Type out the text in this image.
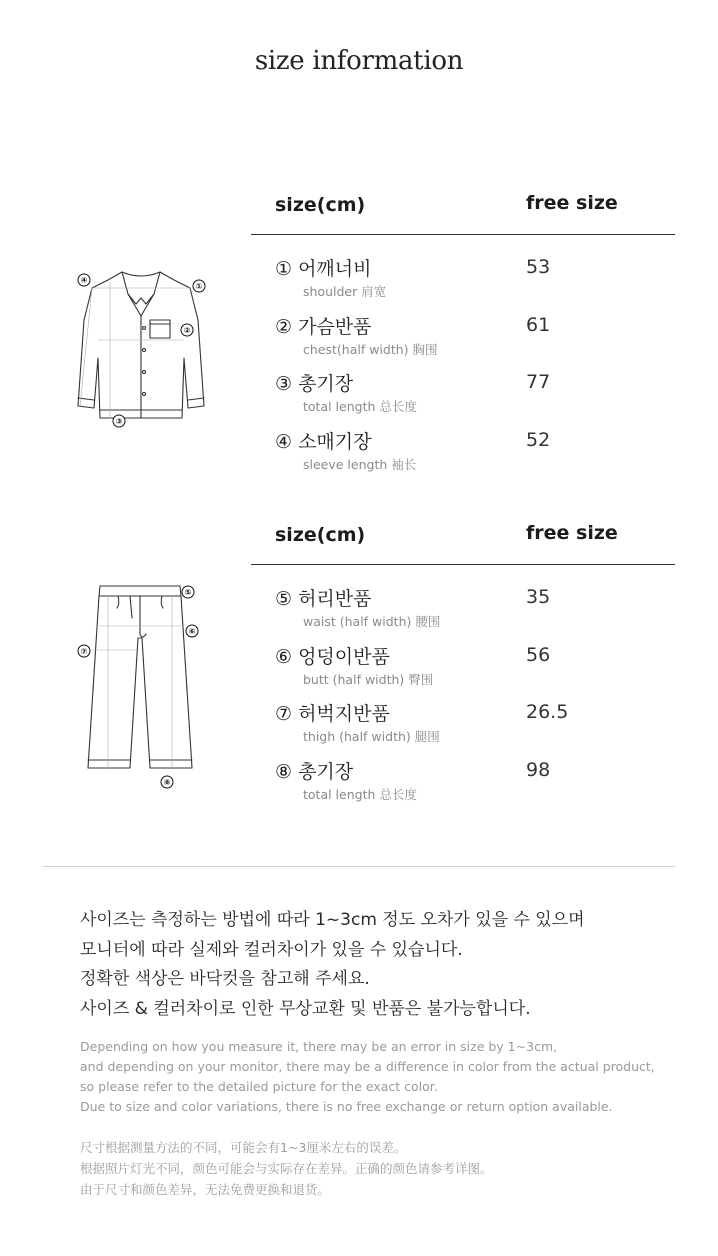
size information
④
①
②
③
size(cm)	free size
① 어깨너비
shoulder 肩宽
53
② 가슴반품
chest(half width) 胸围
61
③ 총기장
total length 总长度
77
④ 소매기장
sleeve length 袖长
52
⑤
⑥
⑦
⑧
size(cm)	free size
⑤ 허리반품
waist (half width) 腰围
35
⑥ 엉덩이반품
butt (half width) 臀围
56
⑦ 허벅지반품
thigh (half width) 腿围
26.5
⑧ 총기장
total length 总长度
98

사이즈는 측정하는 방법에 따라 1~3cm 정도 오차가 있을 수 있으며

모니터에 따라 실제와 컬러차이가 있을 수 있습니다.

정확한 색상은 바닥컷을 참고해 주세요.

사이즈 & 컬러차이로 인한 무상교환 및 반품은 불가능합니다.

Depending on how you measure it, there may be an error in size by 1~3cm,

and depending on your monitor, there may be a difference in color from the actual product,

so please refer to the detailed picture for the exact color.

Due to size and color variations, there is no free exchange or return option available.

尺寸根据测量方法的不同，可能会有1~3厘米左右的误差。

根据照片灯光不同，颜色可能会与实际存在差异。正确的颜色请参考详图。

由于尺寸和颜色差异，无法免费更换和退货。
